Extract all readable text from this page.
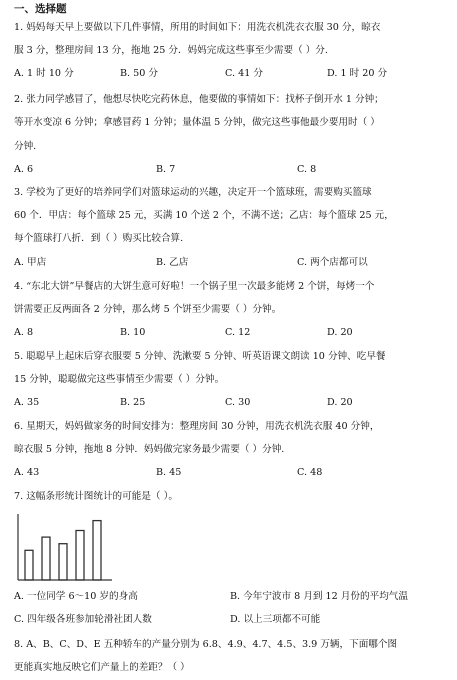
一、选择题
1. 妈妈每天早上要做以下几件事情，所用的时间如下：用洗衣机洗衣衣服 30 分，晾衣
服 3 分，整理房间 13 分，拖地 25 分．妈妈完成这些事至少需要（ ）分.
A. 1 时 10 分	B. 50 分	C. 41 分	D. 1 时 20 分
2. 张力同学感冒了，他想尽快吃完药休息，他要做的事情如下：找杯子倒开水 1 分钟；
等开水变凉 6 分钟；拿感冒药 1 分钟；量体温 5 分钟，做完这些事他最少要用时（ ）
分钟.
A. 6	B. 7	C. 8
3. 学校为了更好的培养同学们对篮球运动的兴趣，决定开一个篮球班，需要购买篮球
60 个．甲店：每个篮球 25 元，买满 10 个送 2 个，不满不送；乙店：每个篮球 25 元，
每个篮球打八折．到（ ）购买比较合算.
A. 甲店	B. 乙店	C. 两个店都可以
4. “东北大饼”早餐店的大饼生意可好啦！一个锅子里一次最多能烤 2 个饼，每烤一个
饼需要正反两面各 2 分钟，那么烤 5 个饼至少需要（ ）分钟。
A. 8	B. 10	C. 12	D. 20
5. 聪聪早上起床后穿衣服要 5 分钟、洗漱要 5 分钟、听英语课文朗读 10 分钟、吃早餐
15 分钟，聪聪做完这些事情至少需要（ ）分钟。
A. 35	B. 25	C. 30	D. 20
6. 星期天，妈妈做家务的时间安排为：整理房间 30 分钟，用洗衣机洗衣服 40 分钟，
晾衣服 5 分钟，拖地 8 分钟．妈妈做完家务最少需要（ ）分钟.
A. 43	B. 45	C. 48
7. 这幅条形统计图统计的可能是（ ）。
A. 一位同学 6～10 岁的身高	B. 今年宁波市 8 月到 12 月份的平均气温
C. 四年级各班参加轮滑社团人数	D. 以上三项都不可能
8. A、B、C、D、E 五种轿车的产量分别为 6.8、4.9、4.7、4.5、3.9 万辆，下面哪个图
更能真实地反映它们产量上的差距？（ ）
